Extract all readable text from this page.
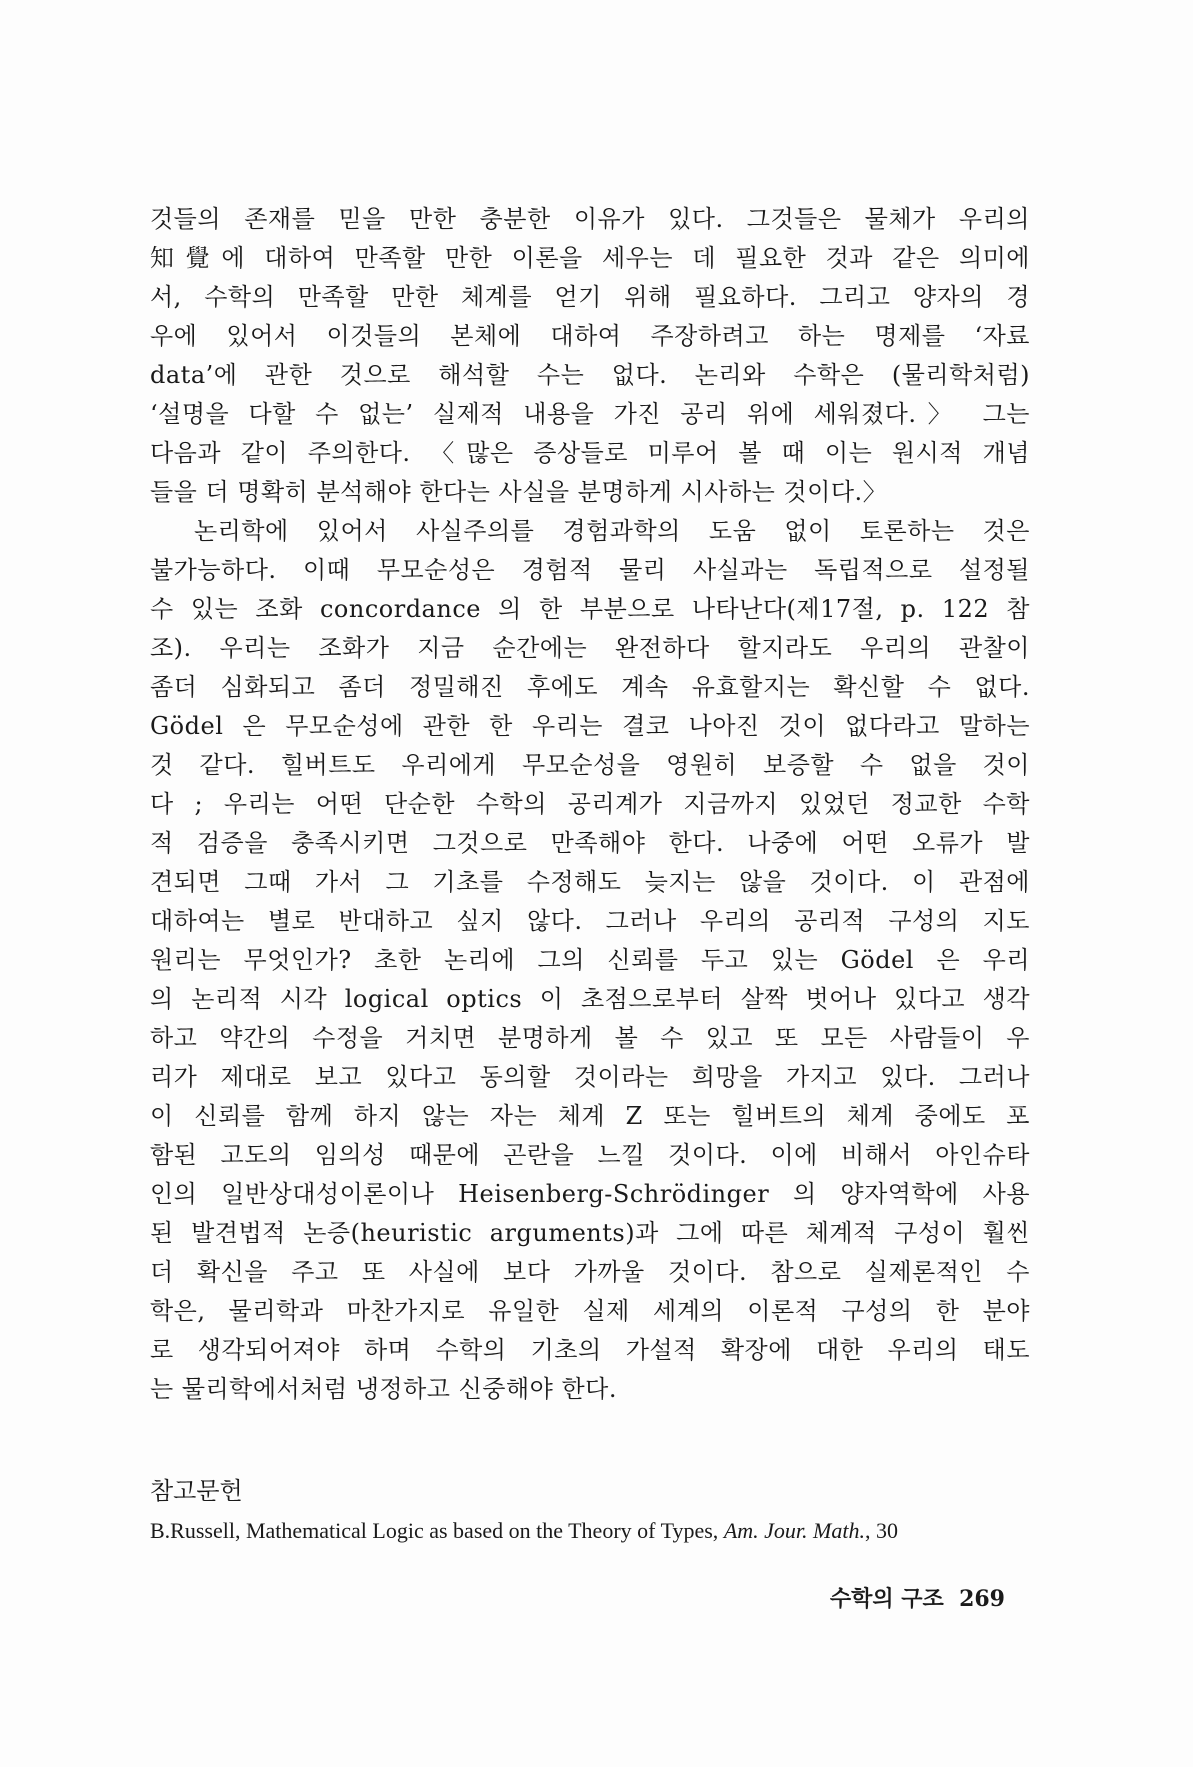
것들의 존재를 믿을 만한 충분한 이유가 있다. 그것들은 물체가 우리의
知覺에 대하여 만족할 만한 이론을 세우는 데 필요한 것과 같은 의미에
서, 수학의 만족할 만한 체계를 얻기 위해 필요하다. 그리고 양자의 경
우에 있어서 이것들의 본체에 대하여 주장하려고 하는 명제를 ‘자료
data’에 관한 것으로 해석할 수는 없다. 논리와 수학은 (물리학처럼)
‘설명을 다할 수 없는’ 실제적 내용을 가진 공리 위에 세워졌다.〉 그는
다음과 같이 주의한다. 〈많은 증상들로 미루어 볼 때 이는 원시적 개념
들을 더 명확히 분석해야 한다는 사실을 분명하게 시사하는 것이다.〉
논리학에 있어서 사실주의를 경험과학의 도움 없이 토론하는 것은
불가능하다. 이때 무모순성은 경험적 물리 사실과는 독립적으로 설정될
수 있는 조화 concordance 의 한 부분으로 나타난다(제17절, p. 122 참
조). 우리는 조화가 지금 순간에는 완전하다 할지라도 우리의 관찰이
좀더 심화되고 좀더 정밀해진 후에도 계속 유효할지는 확신할 수 없다.
Gödel 은 무모순성에 관한 한 우리는 결코 나아진 것이 없다라고 말하는
것 같다. 힐버트도 우리에게 무모순성을 영원히 보증할 수 없을 것이
다 ; 우리는 어떤 단순한 수학의 공리계가 지금까지 있었던 정교한 수학
적 검증을 충족시키면 그것으로 만족해야 한다. 나중에 어떤 오류가 발
견되면 그때 가서 그 기초를 수정해도 늦지는 않을 것이다. 이 관점에
대하여는 별로 반대하고 싶지 않다. 그러나 우리의 공리적 구성의 지도
원리는 무엇인가? 초한 논리에 그의 신뢰를 두고 있는 Gödel 은 우리
의 논리적 시각 logical optics 이 초점으로부터 살짝 벗어나 있다고 생각
하고 약간의 수정을 거치면 분명하게 볼 수 있고 또 모든 사람들이 우
리가 제대로 보고 있다고 동의할 것이라는 희망을 가지고 있다. 그러나
이 신뢰를 함께 하지 않는 자는 체계 Z 또는 힐버트의 체계 중에도 포
함된 고도의 임의성 때문에 곤란을 느낄 것이다. 이에 비해서 아인슈타
인의 일반상대성이론이나 Heisenberg-Schrödinger 의 양자역학에 사용
된 발견법적 논증(heuristic arguments)과 그에 따른 체계적 구성이 훨씬
더 확신을 주고 또 사실에 보다 가까울 것이다. 참으로 실제론적인 수
학은, 물리학과 마찬가지로 유일한 실제 세계의 이론적 구성의 한 분야
로 생각되어져야 하며 수학의 기초의 가설적 확장에 대한 우리의 태도
는 물리학에서처럼 냉정하고 신중해야 한다.
참고문헌
B.Russell, Mathematical Logic as based on the Theory of Types, Am. Jour. Math., 30
수학의 구조 269
